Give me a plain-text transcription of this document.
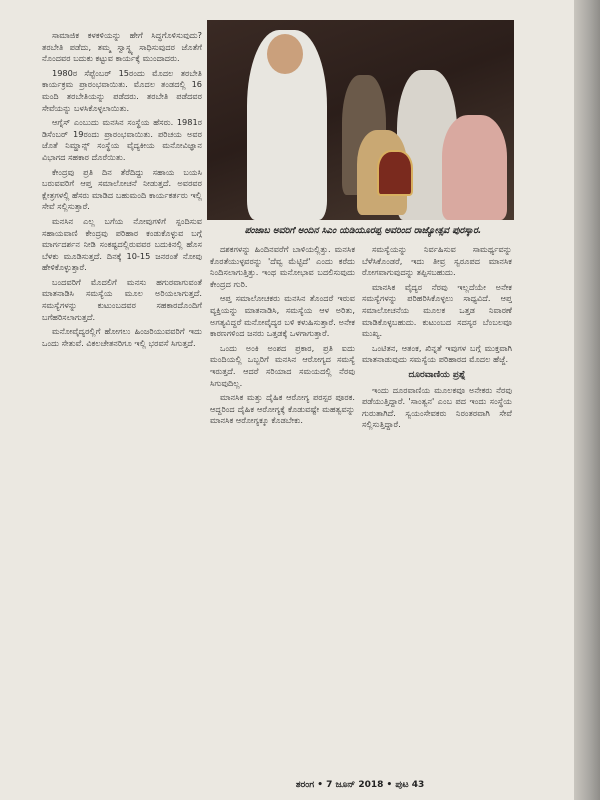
ಸಾಮಾಜಿಕ ಕಳಕಳಿಯನ್ನು ಹೇಗೆ ಸಿದ್ಧಗೊಳಿಸುವುದು? ತರಬೇತಿ ಪಡೆದು, ತಮ್ಮ ಸ್ವಾಸ್ಥ್ಯ ಸಾಧಿಸುವುದರ ಜೊತೆಗೆ ನೊಂದವರ ಬದುಕು ಕಟ್ಟುವ ಕಾರ್ಯಕ್ಕೆ ಮುಂದಾದರು.

1980ರ ಸೆಪ್ಟೆಂಬರ್ 15ರಂದು ಮೊದಲ ತರಬೇತಿ ಕಾರ್ಯಕ್ರಮ ಪ್ರಾರಂಭವಾಯಿತು. ಮೊದಲ ತಂಡದಲ್ಲಿ 16 ಮಂದಿ ತರಬೇತಿಯನ್ನು ಪಡೆದರು. ತರಬೇತಿ ಪಡೆದವರ ಸೇವೆಯನ್ನು ಬಳಸಿಕೊಳ್ಳಲಾಯಿತು.

ಆಗ್ನೆಸ್ ಎಂಬುದು ಮನಸಿನ ಸಂಸ್ಥೆಯ ಹೆಸರು. 1981ರ ಡಿಸೆಂಬರ್ 19ರಂದು ಪ್ರಾರಂಭವಾಯಿತು. ಪರಿಚಯ ಅವರ ಜೊತೆ ನಿಮ್ಹಾನ್ಸ್ ಸಂಸ್ಥೆಯ ವೈದ್ಯಕೀಯ ಮನೋವಿಜ್ಞಾನ ವಿಭಾಗದ ಸಹಕಾರ ದೊರೆಯಿತು.

ಕೇಂದ್ರವು ಪ್ರತಿ ದಿನ ತೆರೆದಿದ್ದು ಸಹಾಯ ಬಯಸಿ ಬರುವವರಿಗೆ ಆಪ್ತ ಸಮಾಲೋಚನೆ ನೀಡುತ್ತದೆ. ಅವರವರ ಕ್ಷೇತ್ರಗಳಲ್ಲಿ ಹೆಸರು ಮಾಡಿದ ಬಹುಮಂದಿ ಕಾರ್ಯಕರ್ತರು ಇಲ್ಲಿ ಸೇವೆ ಸಲ್ಲಿಸುತ್ತಾರೆ.

ಮನಸಿನ ಎಲ್ಲ ಬಗೆಯ ನೋವುಗಳಿಗೆ ಸ್ಪಂದಿಸುವ ಸಹಾಯವಾಣಿ ಕೇಂದ್ರವು ಪರಿಹಾರ ಕಂಡುಕೊಳ್ಳುವ ಬಗ್ಗೆ ಮಾರ್ಗದರ್ಶನ ನೀಡಿ ಸಂಕಷ್ಟದಲ್ಲಿರುವವರ ಬದುಕಿನಲ್ಲಿ ಹೊಸ ಬೆಳಕು ಮೂಡಿಸುತ್ತದೆ. ದಿನಕ್ಕೆ 10-15 ಜನರಂತೆ ನೋವು ಹೇಳಿಕೊಳ್ಳುತ್ತಾರೆ.

ಬಂದವರಿಗೆ ಮೊದಲಿಗೆ ಮನಸು ಹಗುರವಾಗುವಂತೆ ಮಾತನಾಡಿಸಿ ಸಮಸ್ಯೆಯ ಮೂಲ ಅರಿಯಲಾಗುತ್ತದೆ. ಸಮಸ್ಯೆಗಳನ್ನು ಕುಟುಂಬದವರ ಸಹಕಾರದೊಂದಿಗೆ ಬಗೆಹರಿಸಲಾಗುತ್ತದೆ.

ಮನೋವೈದ್ಯರಲ್ಲಿಗೆ ಹೋಗಲು ಹಿಂಜರಿಯುವವರಿಗೆ ಇದು ಒಂದು ಸೇತುವೆ. ವಿಕಲಚೇತನರಿಗೂ ಇಲ್ಲಿ ಭರವಸೆ ಸಿಗುತ್ತದೆ.

ಪಂಜಾಬ ಅವರಿಗೆ ಅಂದಿನ ಸಿಎಂ ಯಡಿಯೂರಪ್ಪ ಅವರಿಂದ ರಾಜ್ಯೋತ್ಸವ ಪುರಸ್ಕಾರ.

ದಶಕಗಳನ್ನು ಹಿಂದಿನವರೆಗೆ ಬಾಳಿಯಲ್ಲಿತ್ತು. ಮನಸಿಕ ಕೊರತೆಯುಳ್ಳವರನ್ನು 'ದೆವ್ವ ಮೆಟ್ಟಿದೆ' ಎಂದು ಕರೆದು ನಿಂದಿಸಲಾಗುತ್ತಿತ್ತು. ಇಂಥ ಮನೋಭಾವ ಬದಲಿಸುವುದು ಕೇಂದ್ರದ ಗುರಿ.

ಆಪ್ತ ಸಮಾಲೋಚಕರು ಮನಸಿನ ತೊಂದರೆ ಇರುವ ವ್ಯಕ್ತಿಯನ್ನು ಮಾತನಾಡಿಸಿ, ಸಮಸ್ಯೆಯ ಆಳ ಅರಿತು, ಅಗತ್ಯವಿದ್ದರೆ ಮನೋವೈದ್ಯರ ಬಳಿ ಕಳುಹಿಸುತ್ತಾರೆ. ಅನೇಕ ಕಾರಣಗಳಿಂದ ಜನರು ಒತ್ತಡಕ್ಕೆ ಒಳಗಾಗುತ್ತಾರೆ.

ಒಂದು ಅಂಕಿ ಅಂಶದ ಪ್ರಕಾರ, ಪ್ರತಿ ಐದು ಮಂದಿಯಲ್ಲಿ ಒಬ್ಬರಿಗೆ ಮನಸಿನ ಆರೋಗ್ಯದ ಸಮಸ್ಯೆ ಇರುತ್ತದೆ. ಆದರೆ ಸರಿಯಾದ ಸಮಯದಲ್ಲಿ ನೆರವು ಸಿಗುವುದಿಲ್ಲ.

ಮಾನಸಿಕ ಮತ್ತು ದೈಹಿಕ ಆರೋಗ್ಯ ಪರಸ್ಪರ ಪೂರಕ. ಆದ್ದರಿಂದ ದೈಹಿಕ ಆರೋಗ್ಯಕ್ಕೆ ಕೊಡುವಷ್ಟೇ ಮಹತ್ವವನ್ನು ಮಾನಸಿಕ ಆರೋಗ್ಯಕ್ಕೂ ಕೊಡಬೇಕು.

ಸಮಸ್ಯೆಯನ್ನು ನಿರ್ವಹಿಸುವ ಸಾಮರ್ಥ್ಯವನ್ನು ಬೆಳೆಸಿಕೊಂಡರೆ, ಇದು ತೀವ್ರ ಸ್ವರೂಪದ ಮಾನಸಿಕ ರೋಗವಾಗುವುದನ್ನು ತಪ್ಪಿಸಬಹುದು.

ಮಾನಸಿಕ ವೈದ್ಯರ ನೆರವು ಇಲ್ಲದೆಯೇ ಅನೇಕ ಸಮಸ್ಯೆಗಳನ್ನು ಪರಿಹರಿಸಿಕೊಳ್ಳಲು ಸಾಧ್ಯವಿದೆ. ಆಪ್ತ ಸಮಾಲೋಚನೆಯ ಮೂಲಕ ಒತ್ತಡ ನಿವಾರಣೆ ಮಾಡಿಕೊಳ್ಳಬಹುದು. ಕುಟುಂಬದ ಸದಸ್ಯರ ಬೆಂಬಲವೂ ಮುಖ್ಯ.

ಒಂಟಿತನ, ಆತಂಕ, ಖಿನ್ನತೆ ಇವುಗಳ ಬಗ್ಗೆ ಮುಕ್ತವಾಗಿ ಮಾತನಾಡುವುದು ಸಮಸ್ಯೆಯ ಪರಿಹಾರದ ಮೊದಲ ಹೆಜ್ಜೆ.

ದೂರವಾಣಿಯ ಪ್ರಶ್ನೆ

ಇಂದು ದೂರವಾಣಿಯ ಮೂಲಕವೂ ಅನೇಕರು ನೆರವು ಪಡೆಯುತ್ತಿದ್ದಾರೆ. 'ಸಾಂತ್ವನ' ಎಂಬ ಪದ ಇಂದು ಸಂಸ್ಥೆಯ ಗುರುತಾಗಿದೆ. ಸ್ವಯಂಸೇವಕರು ನಿರಂತರವಾಗಿ ಸೇವೆ ಸಲ್ಲಿಸುತ್ತಿದ್ದಾರೆ.

ತರಂಗ • 7 ಜೂನ್ 2018 • ಪುಟ 43
